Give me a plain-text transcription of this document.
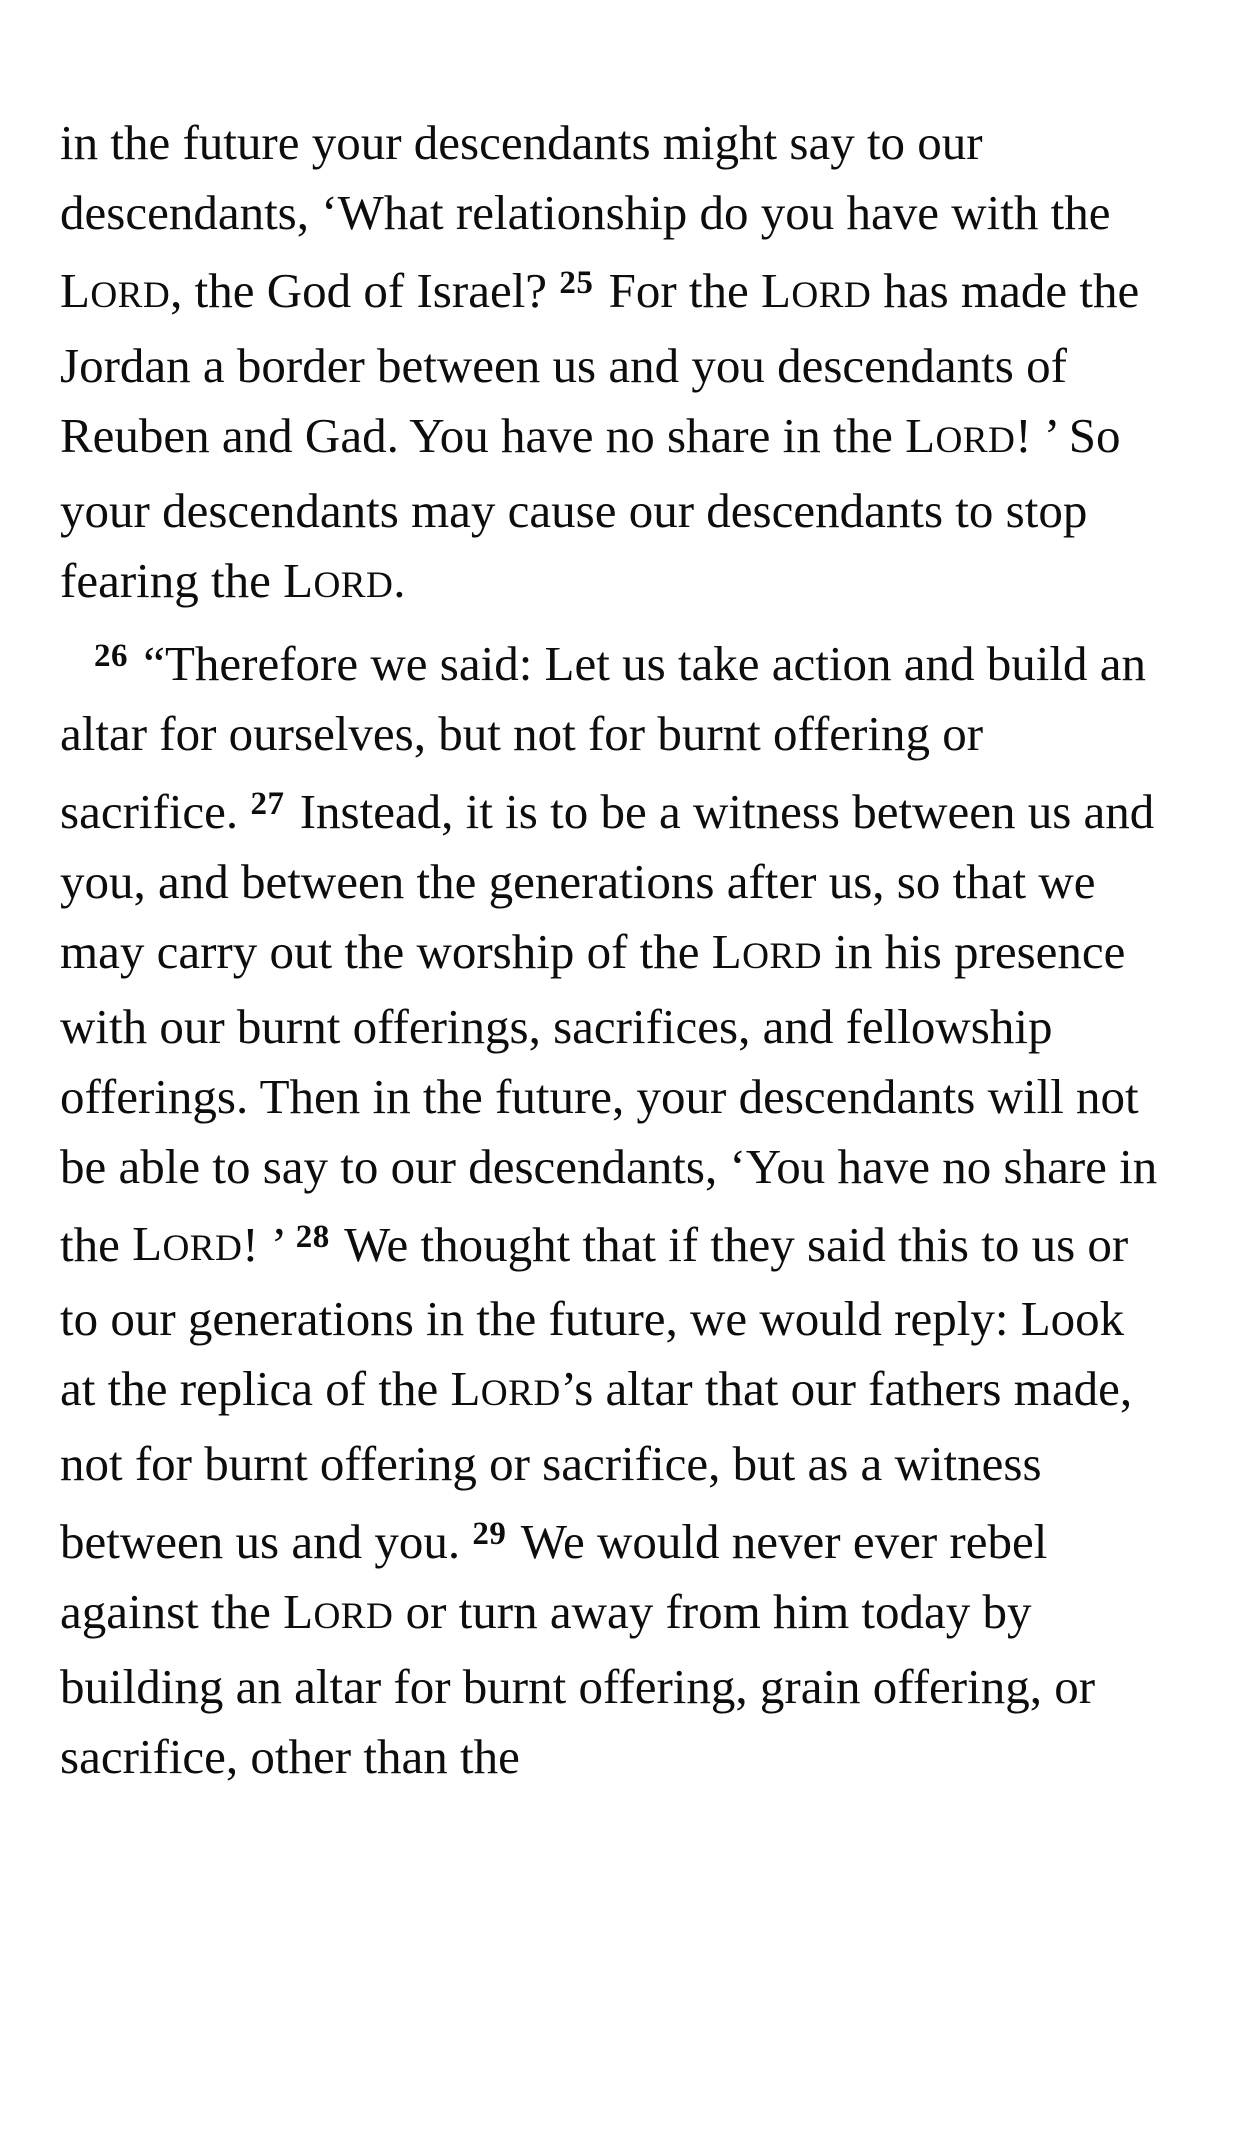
in the future your descendants might say to our descendants, ‘What relationship do you have with the LORD, the God of Israel? $^{25}$ For the LORD has made the Jordan a border between us and you descendants of Reuben and Gad. You have no share in the LORD! ’ So your descendants may cause our descendants to stop fearing the LORD.

$^{26}$ “Therefore we said: Let us take action and build an altar for ourselves, but not for burnt offering or sacrifice. $^{27}$ Instead, it is to be a witness between us and you, and between the generations after us, so that we may carry out the worship of the LORD in his presence with our burnt offerings, sacrifices, and fellowship offerings. Then in the future, your descendants will not be able to say to our descendants, ‘You have no share in the LORD! ’ $^{28}$ We thought that if they said this to us or to our generations in the future, we would reply: Look at the replica of the LORD’s altar that our fathers made, not for burnt offering or sacrifice, but as a witness between us and you. $^{29}$ We would never ever rebel against the LORD or turn away from him today by building an altar for burnt offering, grain offering, or sacrifice, other than the
